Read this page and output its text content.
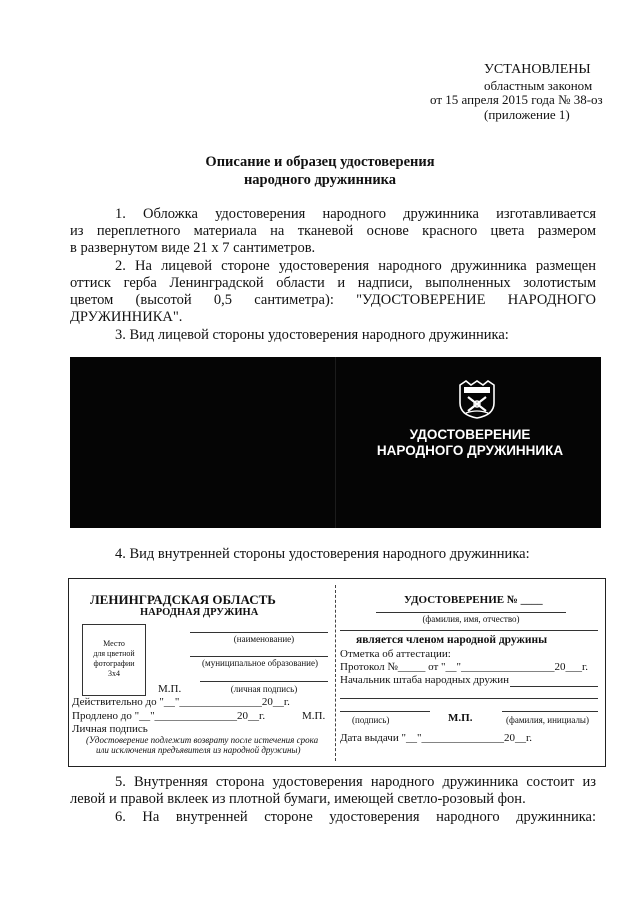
УСТАНОВЛЕНЫ
областным законом
от 15 апреля 2015 года № 38-оз
(приложение 1)
Описание и образец удостоверения
народного дружинника
1. Обложка удостоверения народного дружинника изготавливается
из переплетного материала на тканевой основе красного цвета размером
в развернутом виде 21 х 7 сантиметров.
2. На лицевой стороне удостоверения народного дружинника размещен
оттиск герба Ленинградской области и надписи, выполненных золотистым
цветом (высотой 0,5 сантиметра): "УДОСТОВЕРЕНИЕ НАРОДНОГО
ДРУЖИННИКА".
3. Вид лицевой стороны удостоверения народного дружинника:
УДОСТОВЕРЕНИЕ
НАРОДНОГО ДРУЖИННИКА
4. Вид внутренней стороны удостоверения народного дружинника:
ЛЕНИНГРАДСКАЯ ОБЛАСТЬ
НАРОДНАЯ ДРУЖИНА
Место
для цветной
фотографии
3х4
(наименование)
(муниципальное образование)
М.П.	(личная подпись)
Действительно до "__"_______________20__г.
Продлено до "__"_______________20__г.	М.П.
Личная подпись
(Удостоверение подлежит возврату после истечения срока
или исключения предъявителя из народной дружины)
УДОСТОВЕРЕНИЕ № ____
(фамилия, имя, отчество)
является членом народной дружины
Отметка об аттестации:
Протокол №_____ от "__"_________________20___г.
Начальник штаба народных дружин
(подпись)	М.П.	(фамилия, инициалы)
Дата выдачи "__"_______________20__г.
5. Внутренняя сторона удостоверения народного дружинника состоит из
левой и правой вклеек из плотной бумаги, имеющей светло-розовый фон.
6. На внутренней стороне удостоверения народного дружинника:
